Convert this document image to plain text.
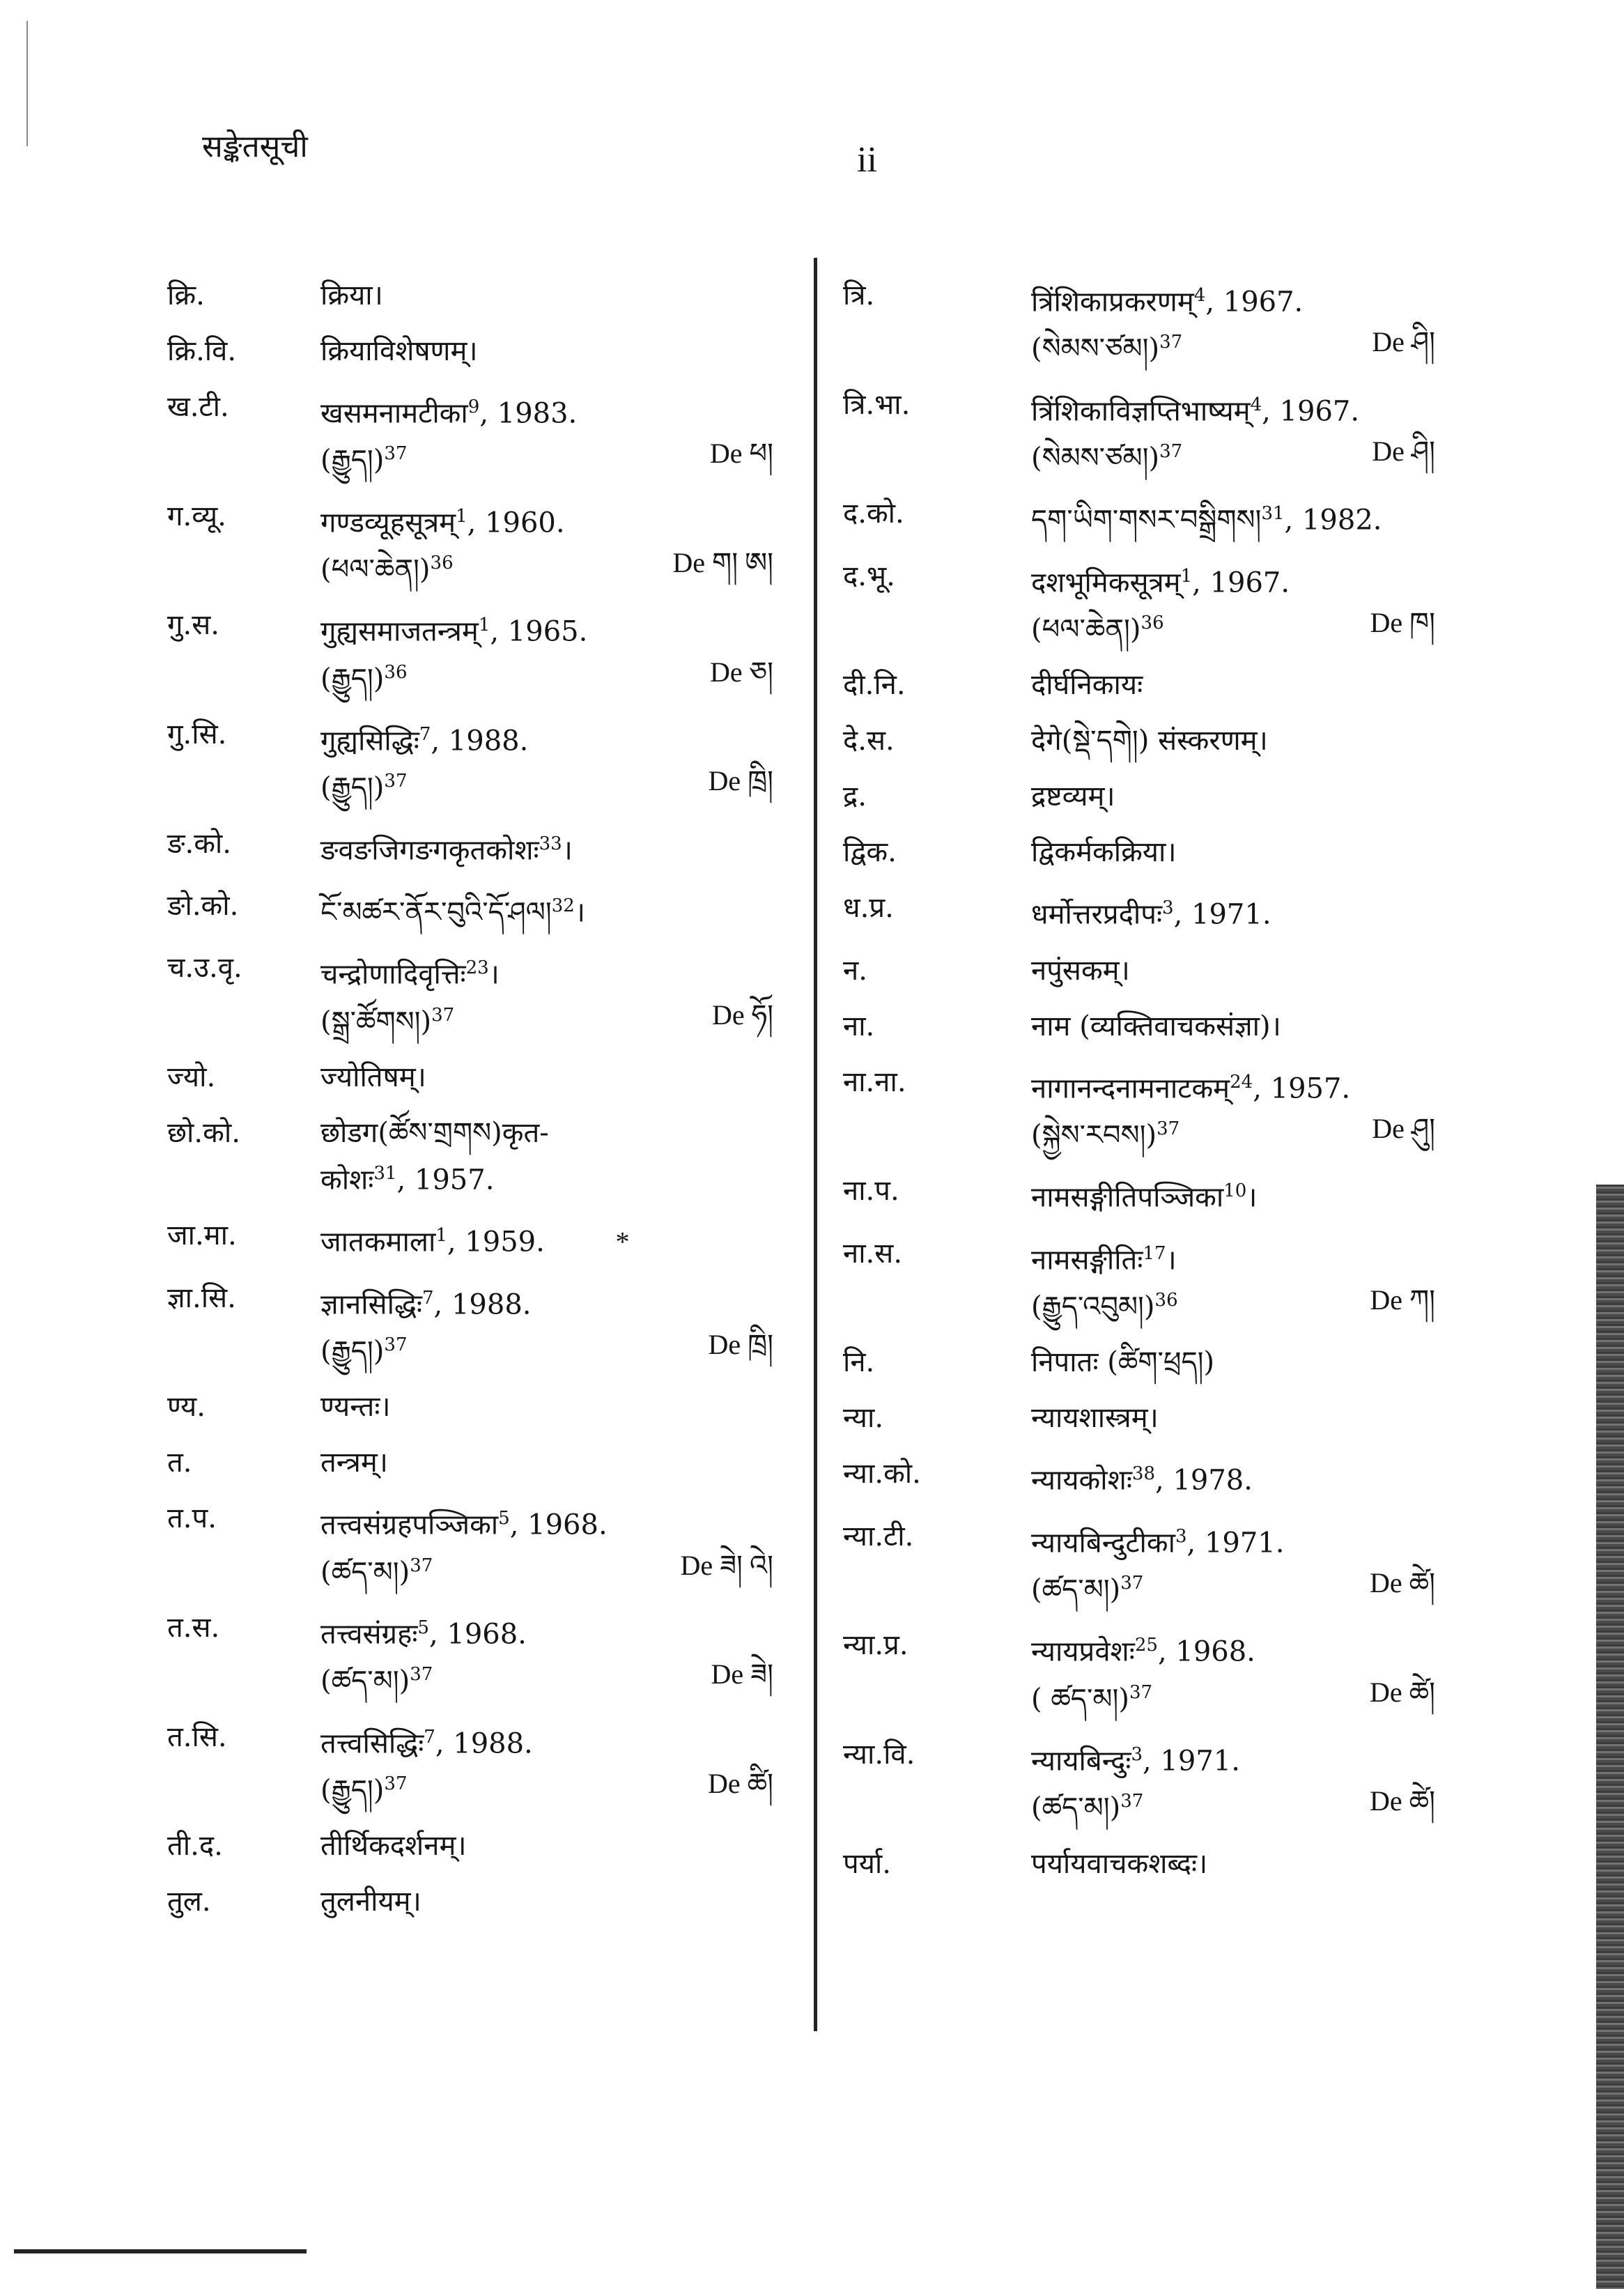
सङ्केतसूची	ii
क्रि.	क्रिया।
क्रि.वि.	क्रियाविशेषणम्।
ख.टी.	खसमनामटीका$^9$, 1983.
(རྒྱུད།)$^{37}$	De ཕ།
ग.व्यू.	गण्डव्यूहसूत्रम्$^1$, 1960.
(ཕལ་ཆེན།)$^{36}$	De ག། ཨ།
गु.स.	गुह्यसमाजतन्त्रम्$^1$, 1965.
(རྒྱུད།)$^{36}$	De ཅ།
गु.सि.	गुह्यसिद्धिः$^7$, 1988.
(རྒྱུད།)$^{37}$	De ཁྲི།
ङ.को.	ङवङजिगङगकृतकोशः$^{33}$।
ङो.को.	ངོ་མཚར་ནོར་བུའི་དོ་ཤལ།$^{32}$।
च.उ.वृ.	चन्द्रोणादिवृत्तिः$^{23}$।
(སྒྲ་ཚོགས།)$^{37}$	De ཧོ།
ज्यो.	ज्योतिषम्।
छो.को.	छोडग(ཚོས་གྲགས)कृत-
कोशः$^{31}$, 1957.
जा.मा.	जातकमाला$^1$, 1959.	*
ज्ञा.सि.	ज्ञानसिद्धिः$^7$, 1988.
(རྒྱུད།)$^{37}$	De ཁྲི།
ण्य.	ण्यन्तः।
त.	तन्त्रम्।
त.प.	तत्त्वसंग्रहपञ्जिका$^5$, 1968.
(ཚད་མ།)$^{37}$	De ཟེ། འེ།
त.स.	तत्त्वसंग्रहः$^5$, 1968.
(ཚད་མ།)$^{37}$	De ཟེ།
त.सि.	तत्त्वसिद्धिः$^7$, 1988.
(རྒྱུད།)$^{37}$	De ཚི།
ती.द.	तीर्थिकदर्शनम्।
तुल.	तुलनीयम्।
त्रि.	त्रिंशिकाप्रकरणम्$^4$, 1967.
(སེམས་ཙམ།)$^{37}$	De ཤི།
त्रि.भा.	त्रिंशिकाविज्ञप्तिभाष्यम्$^4$, 1967.
(སེམས་ཙམ།)$^{37}$	De ཤི།
द.को.	དག་ཡིག་གསར་བསྒྲིགས།$^{31}$, 1982.
द.भू.	दशभूमिकसूत्रम्$^1$, 1967.
(ཕལ་ཆེན།)$^{36}$	De ཁ།
दी.नि.	दीर्घनिकायः
दे.स.	देगे(སྡེ་དགེ།) संस्करणम्।
द्र.	द्रष्टव्यम्।
द्विक.	द्विकर्मकक्रिया।
ध.प्र.	धर्मोत्तरप्रदीपः$^3$, 1971.
न.	नपुंसकम्।
ना.	नाम (व्यक्तिवाचकसंज्ञा)।
ना.ना.	नागानन्दनामनाटकम्$^{24}$, 1957.
(སྐྱེས་རབས།)$^{37}$	De ཤུ།
ना.प.	नामसङ्गीतिपञ्जिका$^{10}$।
ना.स.	नामसङ्गीतिः$^{17}$।
(རྒྱུད་འབུམ།)$^{36}$	De ཀ།
नि.	निपातः (ཚིག་ཕྲད།)
न्या.	न्यायशास्त्रम्।
न्या.को.	न्यायकोशः$^{38}$, 1978.
न्या.टी.	न्यायबिन्दुटीका$^3$, 1971.
(ཚད་མ།)$^{37}$	De ཚེ།
न्या.प्र.	न्यायप्रवेशः$^{25}$, 1968.
( ཚད་མ།)$^{37}$	De ཚེ།
न्या.वि.	न्यायबिन्दुः$^3$, 1971.
(ཚད་མ།)$^{37}$	De ཚེ།
पर्या.	पर्यायवाचकशब्दः।
